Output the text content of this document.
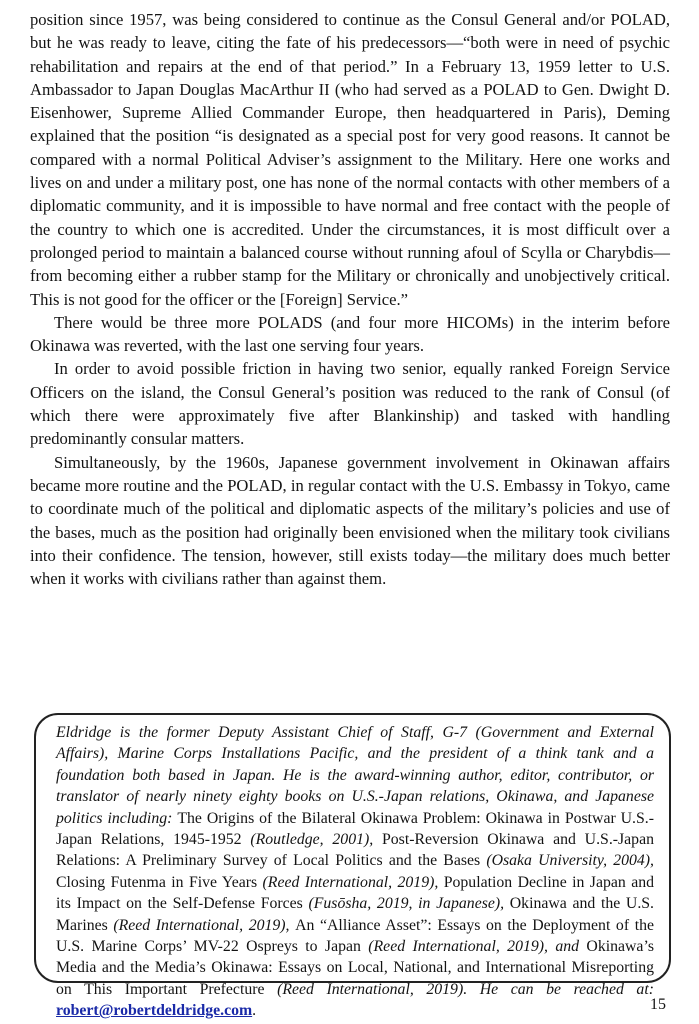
position since 1957, was being considered to continue as the Consul General and/or POLAD, but he was ready to leave, citing the fate of his predecessors—“both were in need of psychic rehabilitation and repairs at the end of that period.” In a February 13, 1959 letter to U.S. Ambassador to Japan Douglas MacArthur II (who had served as a POLAD to Gen. Dwight D. Eisenhower, Supreme Allied Commander Europe, then headquartered in Paris), Deming explained that the position “is designated as a special post for very good reasons. It cannot be compared with a normal Political Adviser’s assignment to the Military. Here one works and lives on and under a military post, one has none of the normal contacts with other members of a diplomatic community, and it is impossible to have normal and free contact with the people of the country to which one is accredited. Under the circumstances, it is most difficult over a prolonged period to maintain a balanced course without running afoul of Scylla or Charybdis—from becoming either a rubber stamp for the Military or chronically and unobjectively critical. This is not good for the officer or the [Foreign] Service.”

There would be three more POLADS (and four more HICOMs) in the interim before Okinawa was reverted, with the last one serving four years.

In order to avoid possible friction in having two senior, equally ranked Foreign Service Officers on the island, the Consul General’s position was reduced to the rank of Consul (of which there were approximately five after Blankinship) and tasked with handling predominantly consular matters.

Simultaneously, by the 1960s, Japanese government involvement in Okinawan affairs became more routine and the POLAD, in regular contact with the U.S. Embassy in Tokyo, came to coordinate much of the political and diplomatic aspects of the military’s policies and use of the bases, much as the position had originally been envisioned when the military took civilians into their confidence. The tension, however, still exists today—the military does much better when it works with civilians rather than against them.

Eldridge is the former Deputy Assistant Chief of Staff, G-7 (Government and External Affairs), Marine Corps Installations Pacific, and the president of a think tank and a foundation both based in Japan. He is the award-winning author, editor, contributor, or translator of nearly ninety eighty books on U.S.-Japan relations, Okinawa, and Japanese politics including: The Origins of the Bilateral Okinawa Problem: Okinawa in Postwar U.S.-Japan Relations, 1945-1952 (Routledge, 2001), Post-Reversion Okinawa and U.S.-Japan Relations: A Preliminary Survey of Local Politics and the Bases (Osaka University, 2004), Closing Futenma in Five Years (Reed International, 2019), Population Decline in Japan and its Impact on the Self-Defense Forces (Fusōsha, 2019, in Japanese), Okinawa and the U.S. Marines (Reed International, 2019), An “Alliance Asset”: Essays on the Deployment of the U.S. Marine Corps’ MV-22 Ospreys to Japan (Reed International, 2019), and Okinawa’s Media and the Media’s Okinawa: Essays on Local, National, and International Misreporting on This Important Prefecture (Reed International, 2019). He can be reached at: robert@robertdeldridge.com.	15
